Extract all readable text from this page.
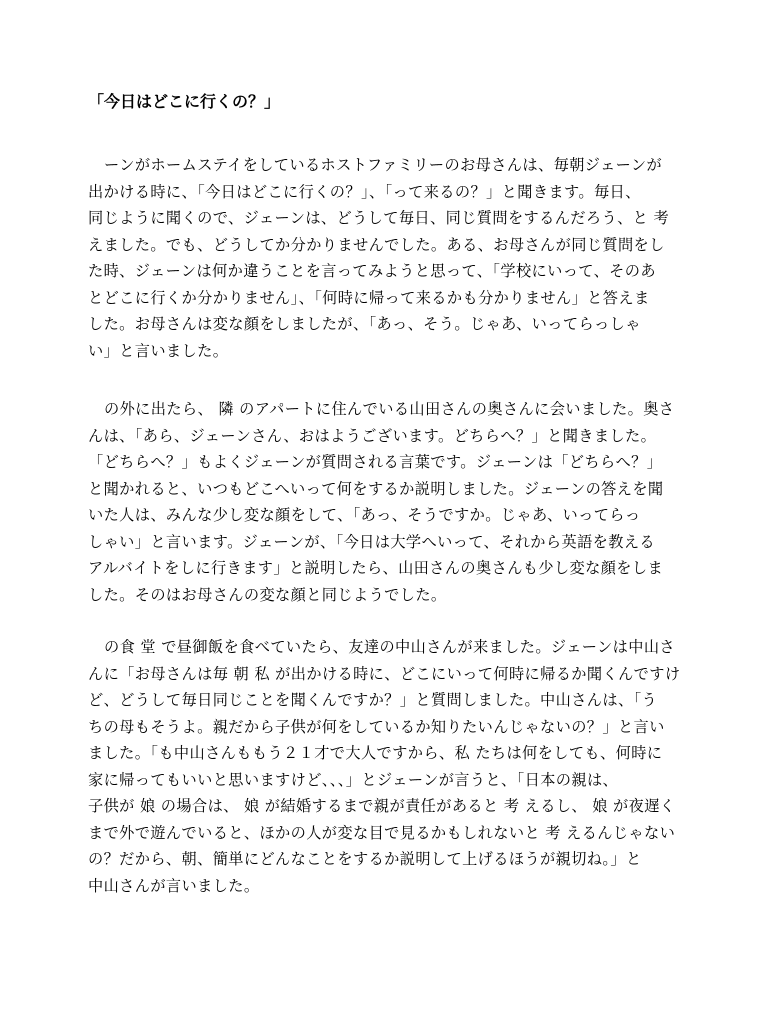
「今日はどこに行くの？」
ーンがホームステイをしているホストファミリーのお母さんは、毎朝ジェーンが
出かける時に、「今日はどこに行くの？」、「って来るの？」と聞きます。毎日、
同じように聞くので、ジェーンは、どうして毎日、同じ質問をするんだろう、と 考
えました。でも、どうしてか分かりませんでした。ある、お母さんが同じ質問をし
た時、ジェーンは何か違うことを言ってみようと思って、「学校にいって、そのあ
とどこに行くか分かりません」、「何時に帰って来るかも分かりません」と答えま
した。お母さんは変な顔をしましたが、「あっ、そう。じゃあ、いってらっしゃ
い」と言いました。
の外に出たら、 隣 のアパートに住んでいる山田さんの奥さんに会いました。奥さ
んは、「あら、ジェーンさん、おはようございます。どちらへ？」と聞きました。
「どちらへ？」もよくジェーンが質問される言葉です。ジェーンは「どちらへ？」
と聞かれると、いつもどこへいって何をするか説明しました。ジェーンの答えを聞
いた人は、みんな少し変な顔をして、「あっ、そうですか。じゃあ、いってらっ
しゃい」と言います。ジェーンが、「今日は大学へいって、それから英語を教える
アルバイトをしに行きます」と説明したら、山田さんの奥さんも少し変な顔をしま
した。そのはお母さんの変な顔と同じようでした。
の食 堂 で昼御飯を食べていたら、友達の中山さんが来ました。ジェーンは中山さ
んに「お母さんは毎 朝 私 が出かける時に、どこにいって何時に帰るか聞くんですけ
ど、どうして毎日同じことを聞くんですか？」と質問しました。中山さんは、「う
ちの母もそうよ。親だから子供が何をしているか知りたいんじゃないの？」と言い
ました。「も中山さんももう２１才で大人ですから、私 たちは何をしても、何時に
家に帰ってもいいと思いますけど、、、」とジェーンが言うと、「日本の親は、
子供が 娘 の場合は、 娘 が結婚するまで親が責任があると 考 えるし、 娘 が夜遅く
まで外で遊んでいると、ほかの人が変な目で見るかもしれないと 考 えるんじゃない
の？だから、朝、簡単にどんなことをするか説明して上げるほうが親切ね。」と
中山さんが言いました。
